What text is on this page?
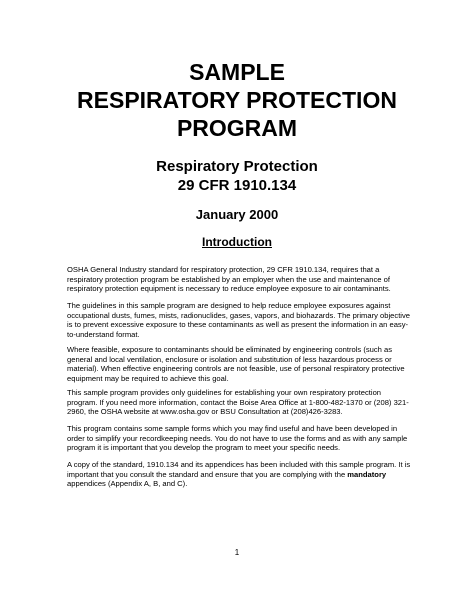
SAMPLE
RESPIRATORY PROTECTION
PROGRAM
Respiratory Protection
29 CFR 1910.134
January 2000
Introduction
OSHA General Industry standard for respiratory protection, 29 CFR 1910.134, requires that a respiratory protection program be established by an employer when the use and maintenance of respiratory protection equipment is necessary to reduce employee exposure to air contaminants.
The guidelines in this sample program are designed to help reduce employee exposures against occupational dusts, fumes, mists, radionuclides, gases, vapors, and biohazards. The primary objective is to prevent excessive exposure to these contaminants as well as present the information in an easy-to-understand format.
Where feasible, exposure to contaminants should be eliminated by engineering controls (such as general and local ventilation, enclosure or isolation and substitution of less hazardous process or material). When effective engineering controls are not feasible, use of personal respiratory protective equipment may be required to achieve this goal.
This sample program provides only guidelines for establishing your own respiratory protection program. If you need more information, contact the Boise Area Office at 1-800-482-1370 or (208) 321-2960, the OSHA website at www.osha.gov or BSU Consultation at (208)426-3283.
This program contains some sample forms which you may find useful and have been developed in order to simplify your recordkeeping needs. You do not have to use the forms and as with any sample program it is important that you develop the program to meet your specific needs.
A copy of the standard, 1910.134 and its appendices has been included with this sample program. It is important that you consult the standard and ensure that you are complying with the mandatory appendices (Appendix A, B, and C).
1
